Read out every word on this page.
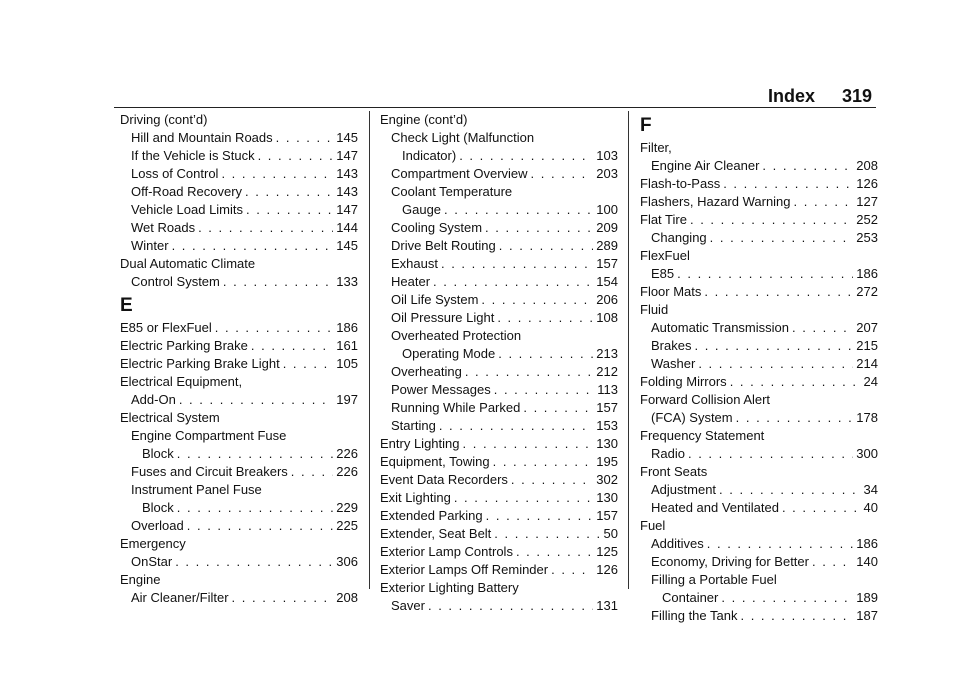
Index 319
Driving (cont’d)
Hill and Mountain Roads . . .	145
If the Vehicle is Stuck . . .	147
Loss of Control . . .	143
Off-Road Recovery . . .	143
Vehicle Load Limits . . .	147
Wet Roads . . .	144
Winter . . .	145
Dual Automatic Climate
Control System . . .	133
E
E85 or FlexFuel . . .	186
Electric Parking Brake . . .	161
Electric Parking Brake Light . . .	105
Electrical Equipment,
Add-On . . .	197
Electrical System
Engine Compartment Fuse
Block . . .	226
Fuses and Circuit Breakers . . .	226
Instrument Panel Fuse
Block . . .	229
Overload . . .	225
Emergency
OnStar . . .	306
Engine
Air Cleaner/Filter . . .	208
Engine (cont’d)
Check Light (Malfunction
Indicator) . . .	103
Compartment Overview . . .	203
Coolant Temperature
Gauge . . .	100
Cooling System . . .	209
Drive Belt Routing . . .	289
Exhaust . . .	157
Heater . . .	154
Oil Life System . . .	206
Oil Pressure Light . . .	108
Overheated Protection
Operating Mode . . .	213
Overheating . . .	212
Power Messages . . .	113
Running While Parked . . .	157
Starting . . .	153
Entry Lighting . . .	130
Equipment, Towing . . .	195
Event Data Recorders . . .	302
Exit Lighting . . .	130
Extended Parking . . .	157
Extender, Seat Belt . . .	50
Exterior Lamp Controls . . .	125
Exterior Lamps Off Reminder . . .	126
Exterior Lighting Battery
Saver . . .	131
F
Filter,
Engine Air Cleaner . . .	208
Flash-to-Pass . . .	126
Flashers, Hazard Warning . . .	127
Flat Tire . . .	252
Changing . . .	253
FlexFuel
E85 . . .	186
Floor Mats . . .	272
Fluid
Automatic Transmission . . .	207
Brakes . . .	215
Washer . . .	214
Folding Mirrors . . .	24
Forward Collision Alert
(FCA) System . . .	178
Frequency Statement
Radio . . .	300
Front Seats
Adjustment . . .	34
Heated and Ventilated . . .	40
Fuel
Additives . . .	186
Economy, Driving for Better . . .	140
Filling a Portable Fuel
Container . . .	189
Filling the Tank . . .	187
